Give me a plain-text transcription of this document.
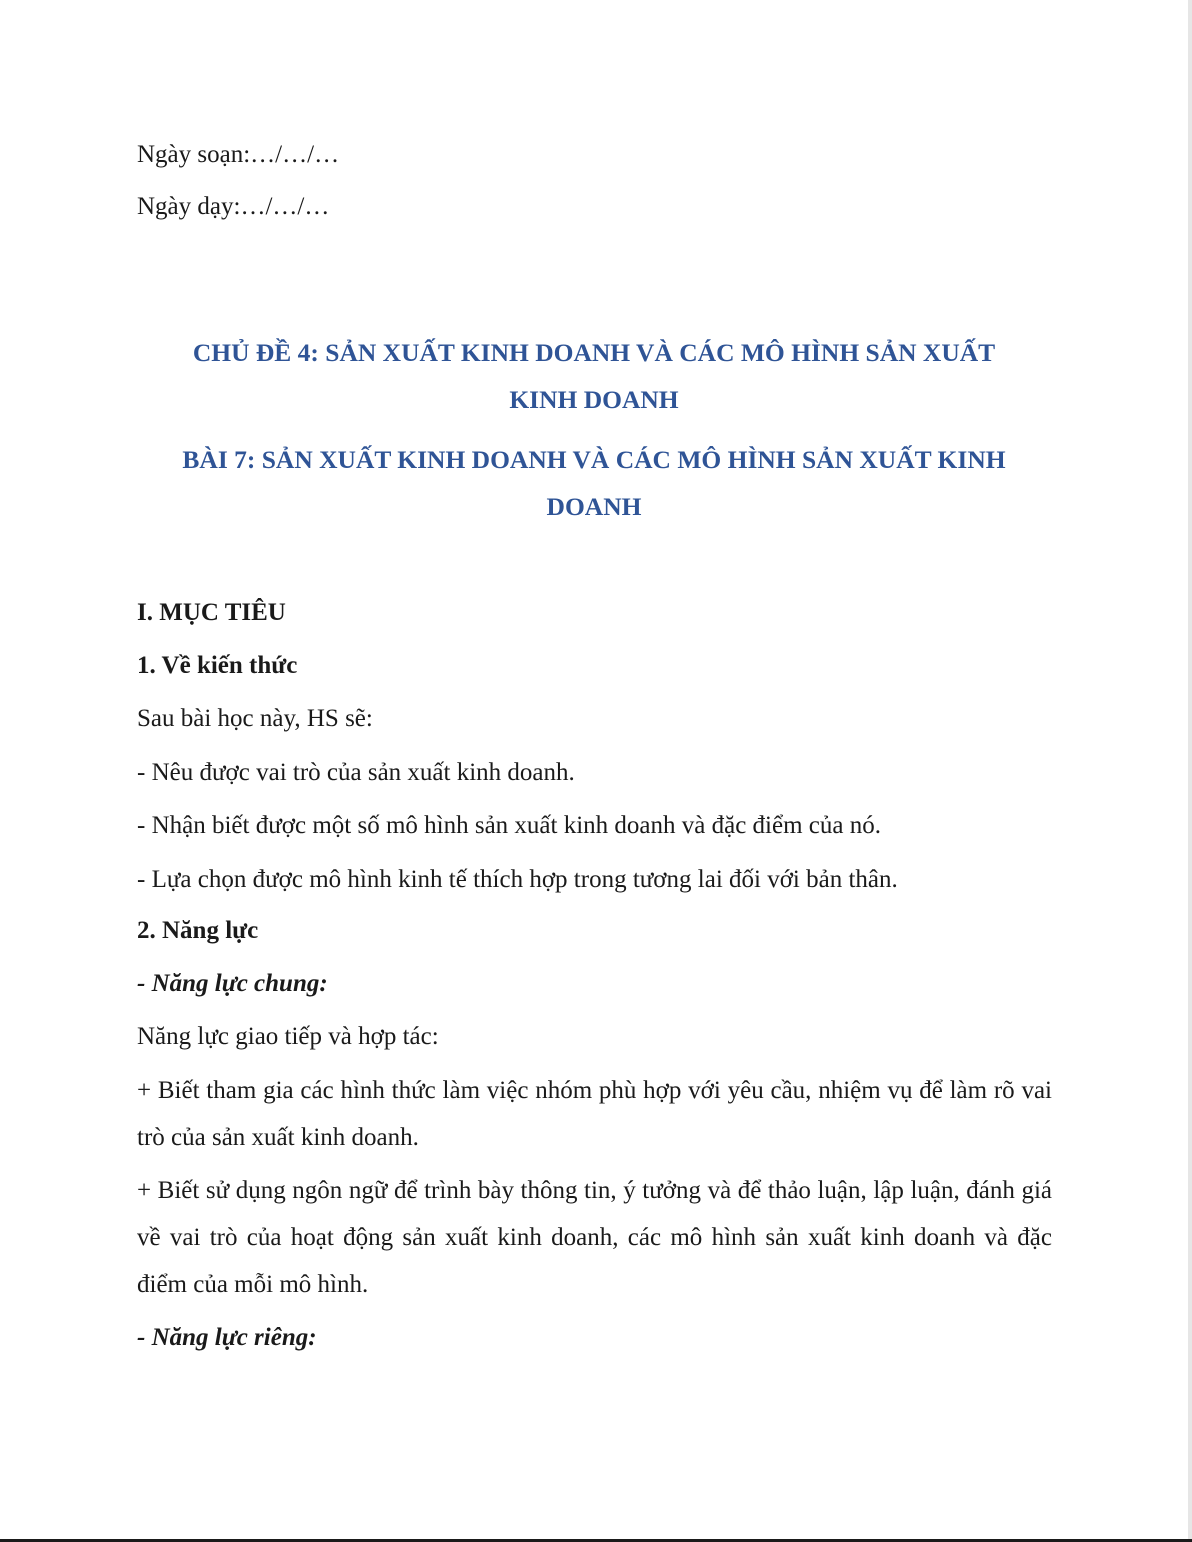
Ngày soạn:…/…/…
Ngày dạy:…/…/…
CHỦ ĐỀ 4: SẢN XUẤT KINH DOANH VÀ CÁC MÔ HÌNH SẢN XUẤT
KINH DOANH
BÀI 7: SẢN XUẤT KINH DOANH VÀ CÁC MÔ HÌNH SẢN XUẤT KINH
DOANH
I. MỤC TIÊU
1. Về kiến thức
Sau bài học này, HS sẽ:
- Nêu được vai trò của sản xuất kinh doanh.
- Nhận biết được một số mô hình sản xuất kinh doanh và đặc điểm của nó.
- Lựa chọn được mô hình kinh tế thích hợp trong tương lai đối với bản thân.
2. Năng lực
- Năng lực chung:
Năng lực giao tiếp và hợp tác:
+ Biết tham gia các hình thức làm việc nhóm phù hợp với yêu cầu, nhiệm vụ để làm rõ vai trò của sản xuất kinh doanh.
+ Biết sử dụng ngôn ngữ để trình bày thông tin, ý tưởng và để thảo luận, lập luận, đánh giá về vai trò của hoạt động sản xuất kinh doanh, các mô hình sản xuất kinh doanh và đặc điểm của mỗi mô hình.
- Năng lực riêng:
